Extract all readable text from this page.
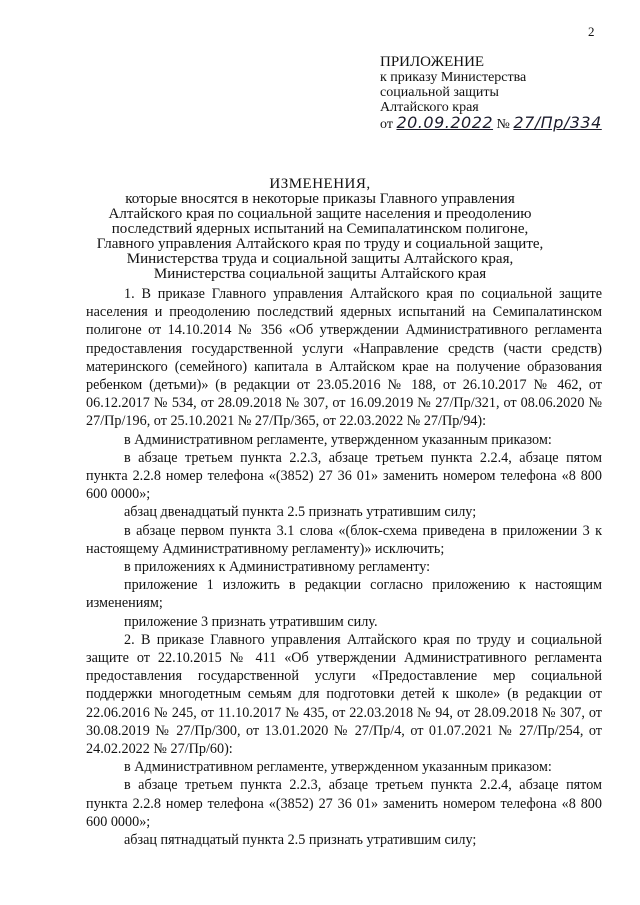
2
ПРИЛОЖЕНИЕ
к приказу Министерства
социальной защиты
Алтайского края
от 20.09.2022 № 27/Пр/334
ИЗМЕНЕНИЯ,
которые вносятся в некоторые приказы Главного управления
Алтайского края по социальной защите населения и преодолению
последствий ядерных испытаний на Семипалатинском полигоне,
Главного управления Алтайского края по труду и социальной защите,
Министерства труда и социальной защиты Алтайского края,
Министерства социальной защиты Алтайского края

1. В приказе Главного управления Алтайского края по социальной защите населения и преодолению последствий ядерных испытаний на Семипалатинском полигоне от 14.10.2014 № 356 «Об утверждении Административного регламента предоставления государственной услуги «Направление средств (части средств) материнского (семейного) капитала в Алтайском крае на получение образования ребенком (детьми)» (в редакции от 23.05.2016 № 188, от 26.10.2017 № 462, от 06.12.2017 № 534, от 28.09.2018 № 307, от 16.09.2019 № 27/Пр/321, от 08.06.2020 № 27/Пр/196, от 25.10.2021 № 27/Пр/365, от 22.03.2022 № 27/Пр/94):

в Административном регламенте, утвержденном указанным приказом:

в абзаце третьем пункта 2.2.3, абзаце третьем пункта 2.2.4, абзаце пятом пункта 2.2.8 номер телефона «(3852) 27 36 01» заменить номером телефона «8 800 600 0000»;

абзац двенадцатый пункта 2.5 признать утратившим силу;

в абзаце первом пункта 3.1 слова «(блок-схема приведена в приложении 3 к настоящему Административному регламенту)» исключить;

в приложениях к Административному регламенту:

приложение 1 изложить в редакции согласно приложению к настоящим изменениям;

приложение 3 признать утратившим силу.

2. В приказе Главного управления Алтайского края по труду и социальной защите от 22.10.2015 № 411 «Об утверждении Административного регламента предоставления государственной услуги «Предоставление мер социальной поддержки многодетным семьям для подготовки детей к школе» (в редакции от 22.06.2016 № 245, от 11.10.2017 № 435, от 22.03.2018 № 94, от 28.09.2018 № 307, от 30.08.2019 № 27/Пр/300, от 13.01.2020 № 27/Пр/4, от 01.07.2021 № 27/Пр/254, от 24.02.2022 № 27/Пр/60):

в Административном регламенте, утвержденном указанным приказом:

в абзаце третьем пункта 2.2.3, абзаце третьем пункта 2.2.4, абзаце пятом пункта 2.2.8 номер телефона «(3852) 27 36 01» заменить номером телефона «8 800 600 0000»;

абзац пятнадцатый пункта 2.5 признать утратившим силу;
